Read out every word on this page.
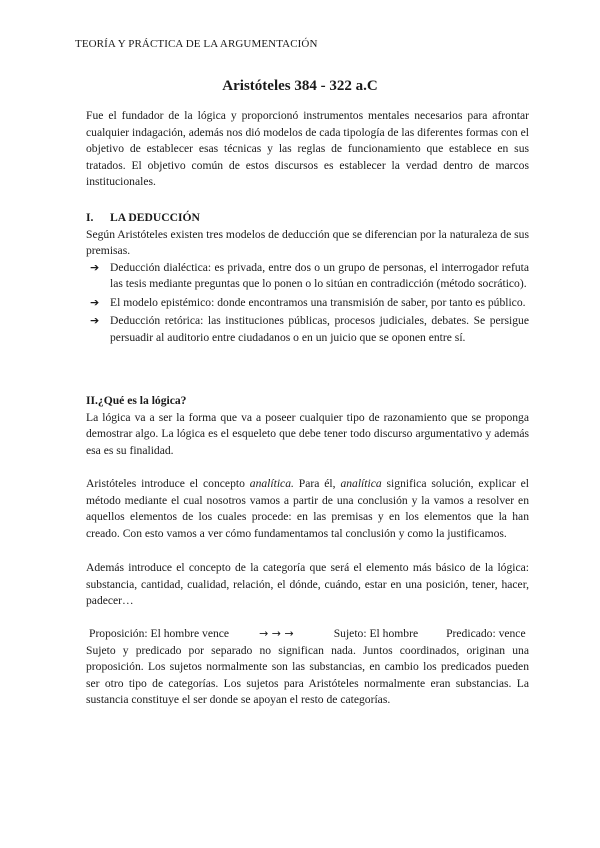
TEORÍA Y PRÁCTICA DE LA ARGUMENTACIÓN
Aristóteles 384 - 322 a.C

Fue el fundador de la lógica y proporcionó instrumentos mentales necesarios para afrontar cualquier indagación, además nos dió modelos de cada tipología de las diferentes formas con el objetivo de establecer esas técnicas y las reglas de funcionamiento que establece en sus tratados. El objetivo común de estos discursos es establecer la verdad dentro de marcos institucionales.

I. LA DEDUCCIÓN

Según Aristóteles existen tres modelos de deducción que se diferencian por la naturaleza de sus premisas.

➔ Deducción dialéctica: es privada, entre dos o un grupo de personas, el interrogador refuta las tesis mediante preguntas que lo ponen o lo sitúan en contradicción (método socrático).
➔ El modelo epistémico: donde encontramos una transmisión de saber, por tanto es público.
➔ Deducción retórica: las instituciones públicas, procesos judiciales, debates. Se persigue persuadir al auditorio entre ciudadanos o en un juicio que se oponen entre sí.
II.¿Qué es la lógica?

La lógica va a ser la forma que va a poseer cualquier tipo de razonamiento que se proponga demostrar algo. La lógica es el esqueleto que debe tener todo discurso argumentativo y además esa es su finalidad.

Aristóteles introduce el concepto analítica. Para él, analítica significa solución, explicar el método mediante el cual nosotros vamos a partir de una conclusión y la vamos a resolver en aquellos elementos de los cuales procede: en las premisas y en los elementos que la han creado. Con esto vamos a ver cómo fundamentamos tal conclusión y como la justificamos.

Además introduce el concepto de la categoría que será el elemento más básico de la lógica: substancia, cantidad, cualidad, relación, el dónde, cuándo, estar en una posición, tener, hacer, padecer…

Proposición: El hombre vence	→ → →	Sujeto: El hombre Predicado: vence

Sujeto y predicado por separado no significan nada. Juntos coordinados, originan una proposición. Los sujetos normalmente son las substancias, en cambio los predicados pueden ser otro tipo de categorías. Los sujetos para Aristóteles normalmente eran substancias. La sustancia constituye el ser donde se apoyan el resto de categorías.
